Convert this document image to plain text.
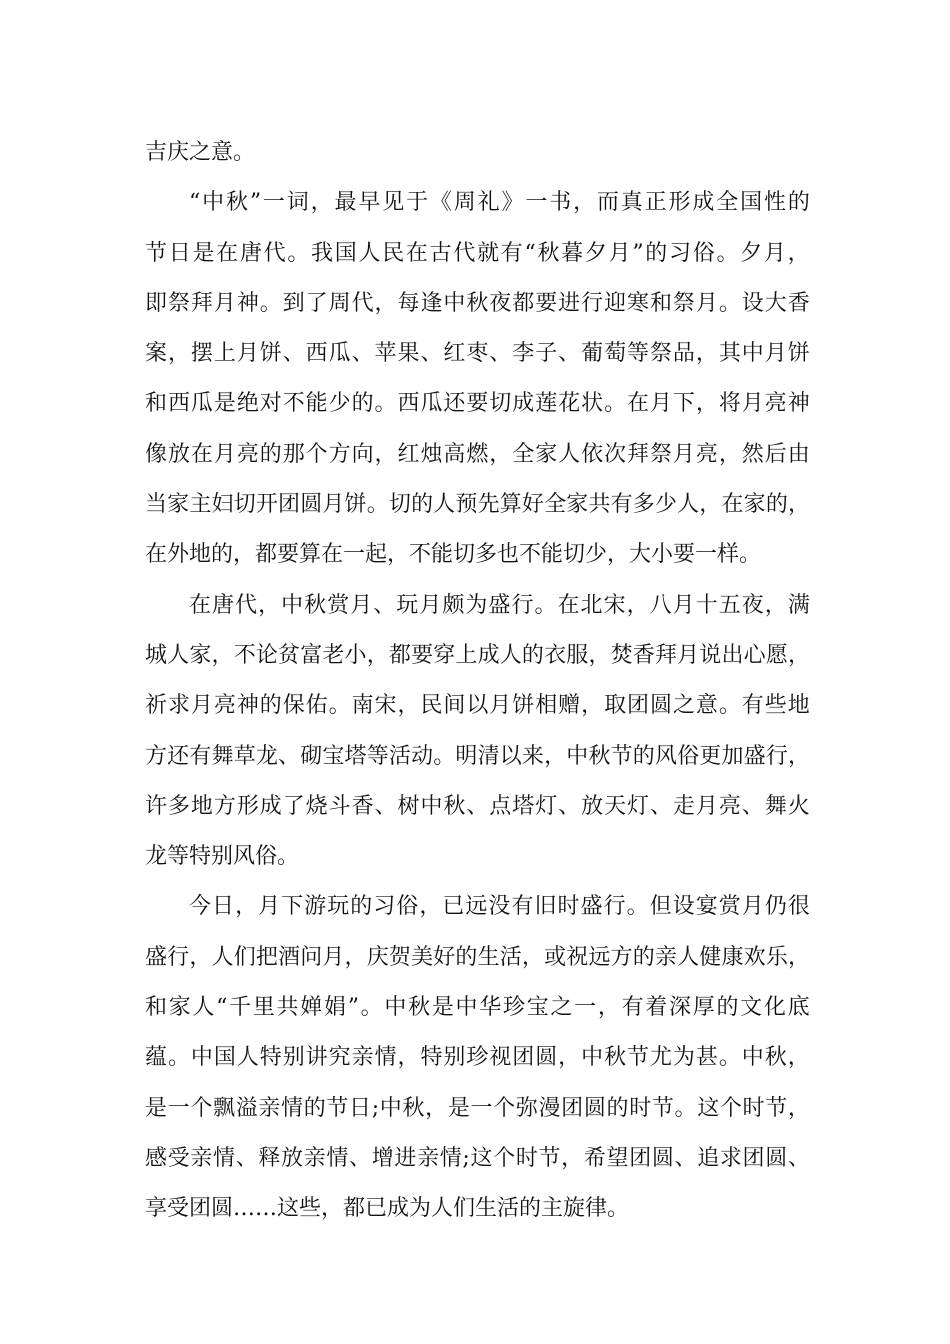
吉庆之意。
“ 中 秋 ” 一 词 ， 最 早 见 于 《 周 礼 》 一 书 ， 而 真 正 形 成 全 国 性 的
节 日 是 在 唐 代 。 我 国 人 民 在 古 代 就 有 “ 秋 暮 夕 月 ” 的 习 俗 。 夕 月 ，
即 祭 拜 月 神 。 到 了 周 代 ， 每 逢 中 秋 夜 都 要 进 行 迎 寒 和 祭 月 。 设 大 香
案 ， 摆 上 月 饼 、 西 瓜 、 苹 果 、 红 枣 、 李 子 、 葡 萄 等 祭 品 ， 其 中 月 饼
和 西 瓜 是 绝 对 不 能 少 的 。 西 瓜 还 要 切 成 莲 花 状 。 在 月 下 ， 将 月 亮 神
像 放 在 月 亮 的 那 个 方 向 ， 红 烛 高 燃 ， 全 家 人 依 次 拜 祭 月 亮 ， 然 后 由
当 家 主 妇 切 开 团 圆 月 饼 。 切 的 人 预 先 算 好 全 家 共 有 多 少 人 ， 在 家 的 ，
在外地的，都要算在一起，不能切多也不能切少，大小要一样。
在 唐 代 ， 中 秋 赏 月 、 玩 月 颇 为 盛 行 。 在 北 宋 ， 八 月 十 五 夜 ， 满
城 人 家 ， 不 论 贫 富 老 小 ， 都 要 穿 上 成 人 的 衣 服 ， 焚 香 拜 月 说 出 心 愿 ，
祈 求 月 亮 神 的 保 佑 。 南 宋 ， 民 间 以 月 饼 相 赠 ， 取 团 圆 之 意 。 有 些 地
方 还 有 舞 草 龙 、 砌 宝 塔 等 活 动 。 明 清 以 来 ， 中 秋 节 的 风 俗 更 加 盛 行 ，
许 多 地 方 形 成 了 烧 斗 香 、 树 中 秋 、 点 塔 灯 、 放 天 灯 、 走 月 亮 、 舞 火
龙等特别风俗。
今 日 ， 月 下 游 玩 的 习 俗 ， 已 远 没 有 旧 时 盛 行 。 但 设 宴 赏 月 仍 很
盛 行 ， 人 们 把 酒 问 月 ， 庆 贺 美 好 的 生 活 ， 或 祝 远 方 的 亲 人 健 康 欢 乐 ，
和 家 人 “ 千 里 共 婵 娟 ” 。 中 秋 是 中 华 珍 宝 之 一 ， 有 着 深 厚 的 文 化 底
蕴 。 中 国 人 特 别 讲 究 亲 情 ， 特 别 珍 视 团 圆 ， 中 秋 节 尤 为 甚 。 中 秋 ，
是 一 个 飘 溢 亲 情 的 节 日 ; 中 秋 ， 是 一 个 弥 漫 团 圆 的 时 节 。 这 个 时 节 ，
感 受 亲 情 、 释 放 亲 情 、 增 进 亲 情 ; 这 个 时 节 ， 希 望 团 圆 、 追 求 团 圆 、
享受团圆……这些，都已成为人们生活的主旋律。
